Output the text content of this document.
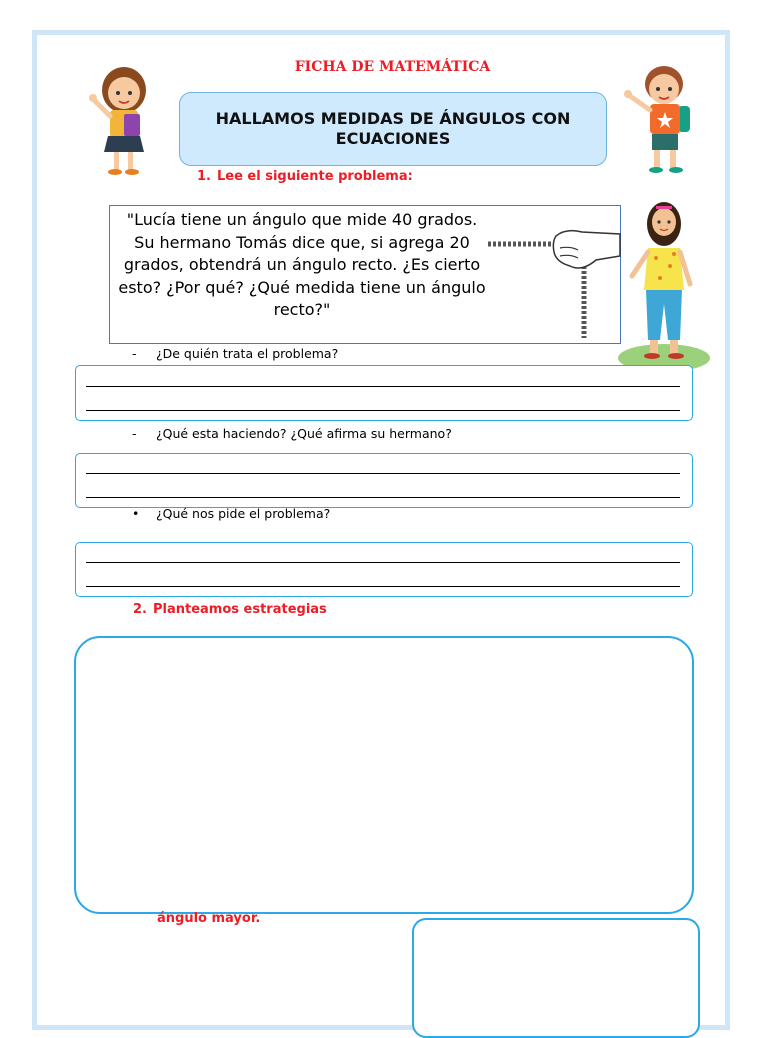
FICHA DE MATEMÁTICA
HALLAMOS MEDIDAS DE ÁNGULOS CON ECUACIONES
1. Lee el siguiente problema:
"Lucía tiene un ángulo que mide 40 grados. Su hermano Tomás dice que, si agrega 20 grados, obtendrá un ángulo recto. ¿Es cierto esto? ¿Por qué? ¿Qué medida tiene un ángulo recto?"
- ¿De quién trata el problema?
- ¿Qué esta haciendo? ¿Qué afirma su hermano?
• ¿Qué nos pide el problema?
2. Planteamos estrategias
ángulo mayor.
